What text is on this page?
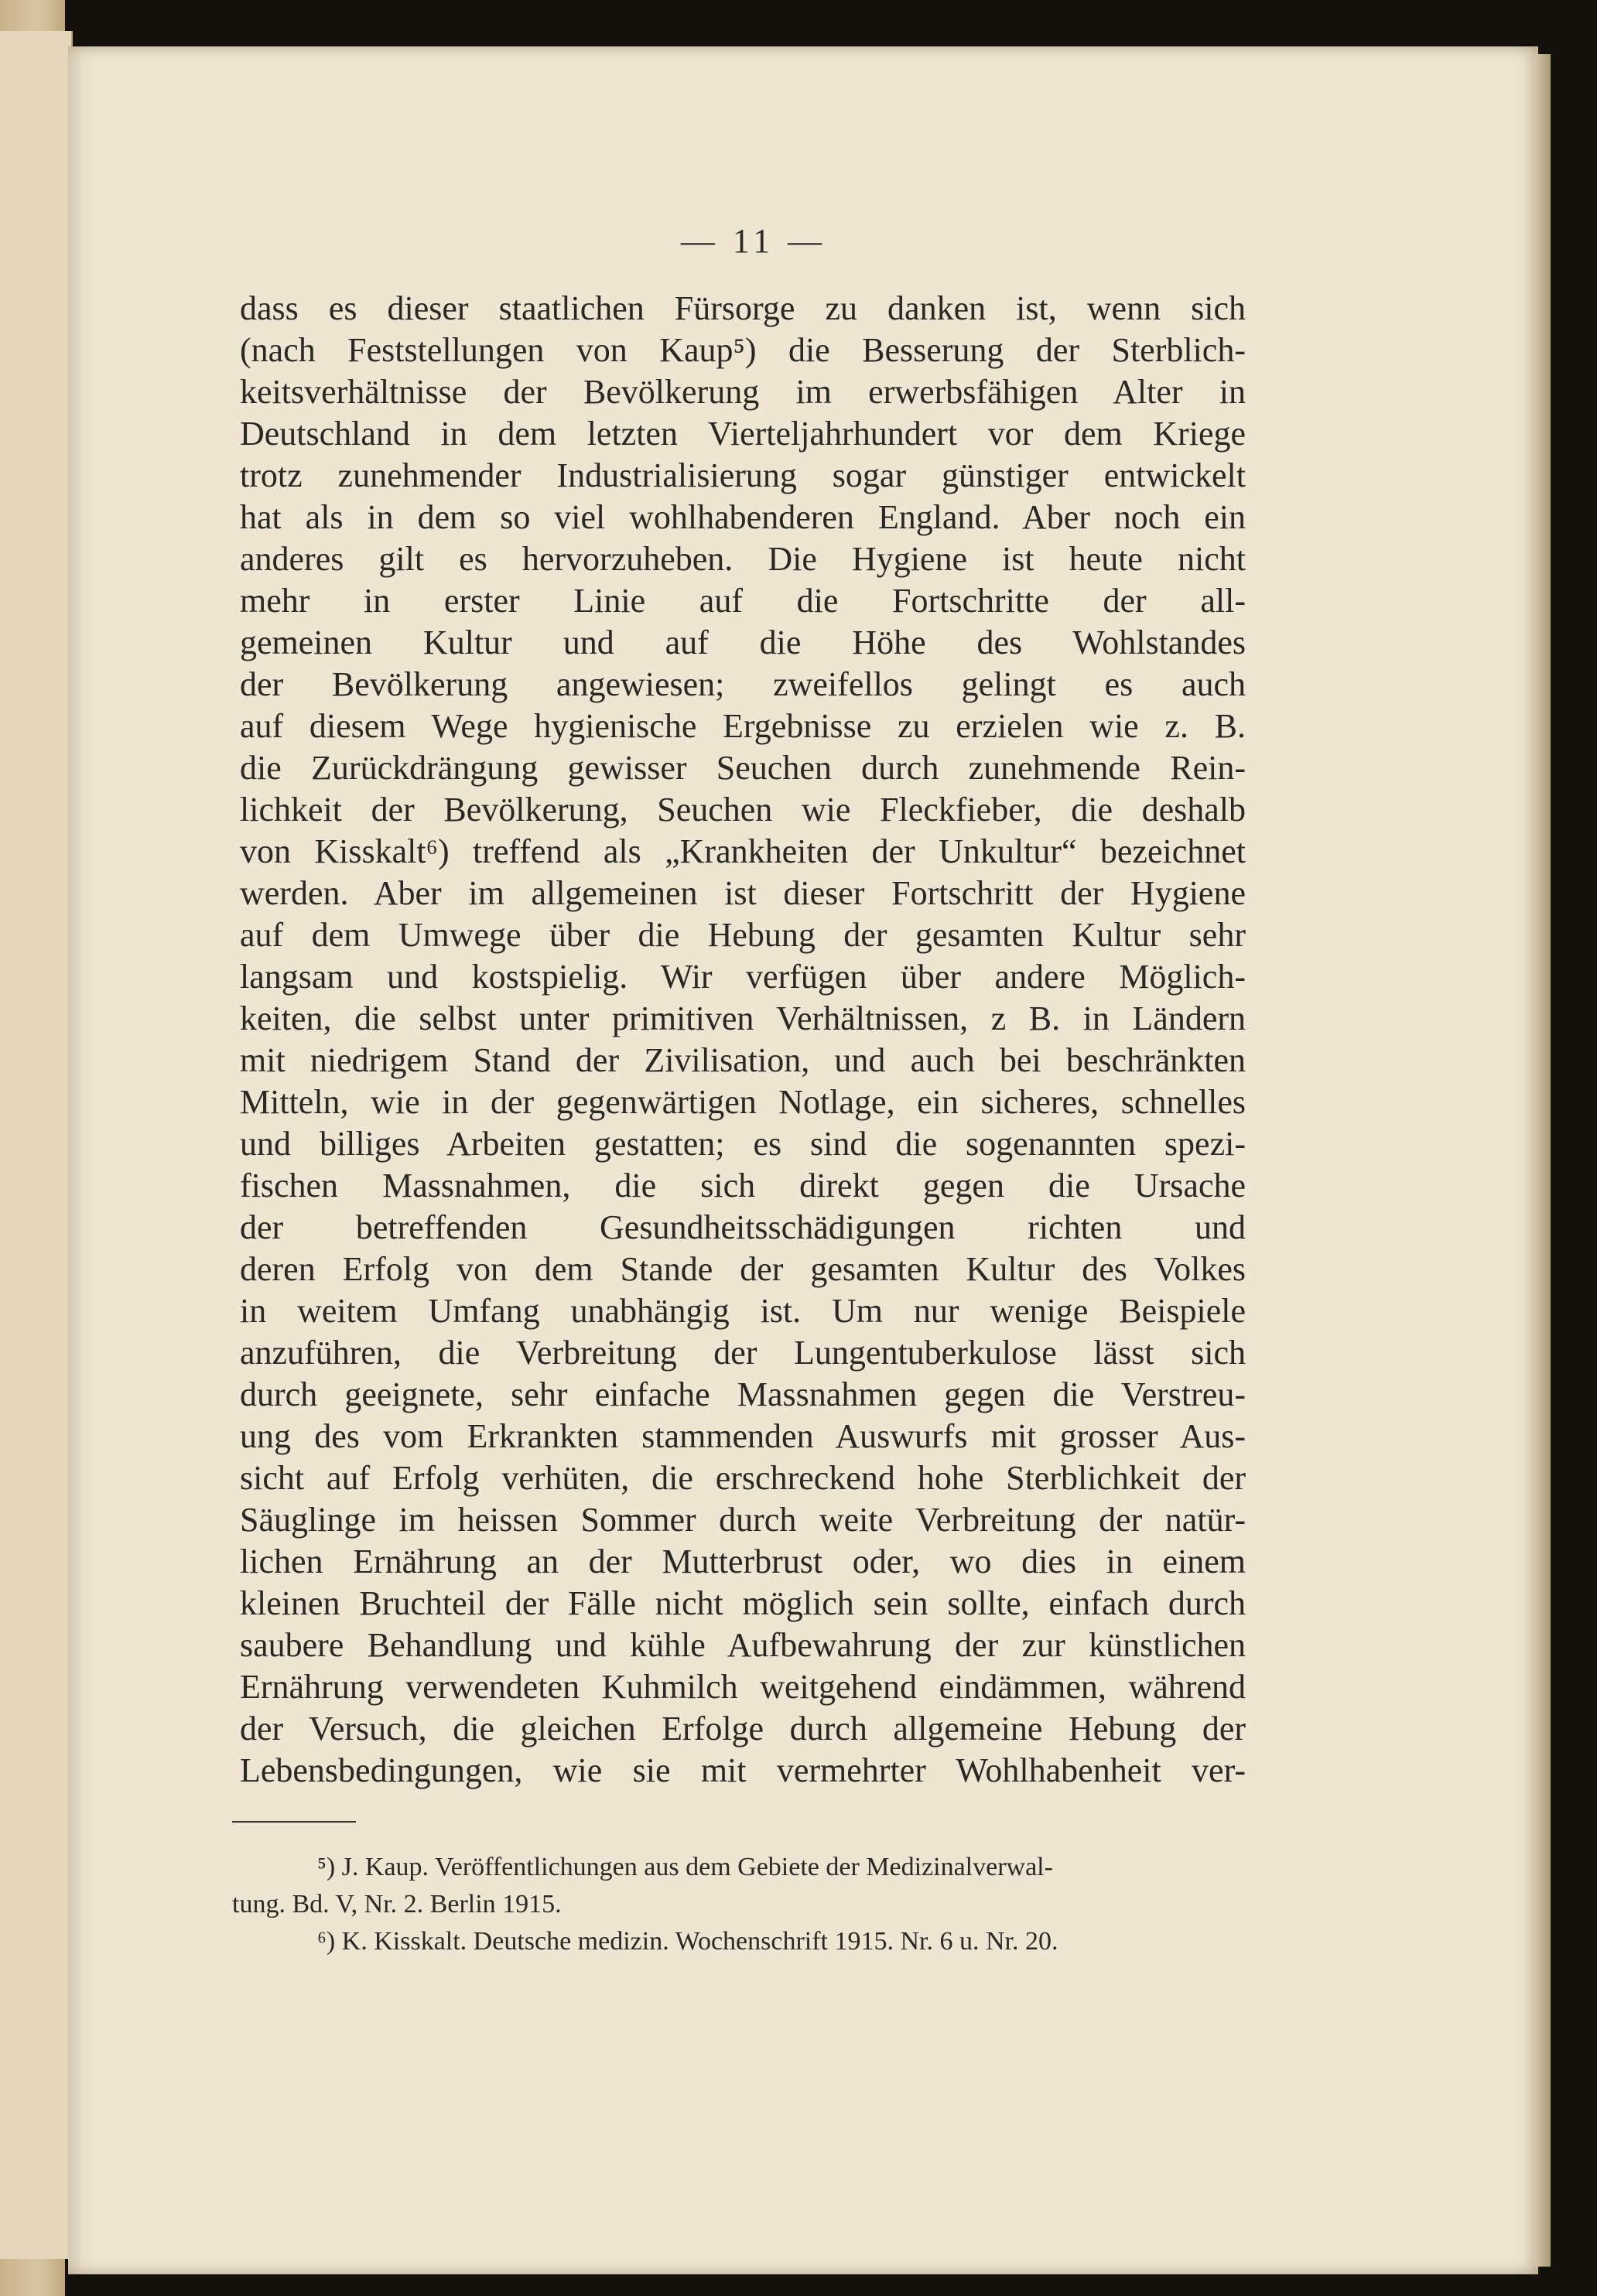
— 11 —
dass es dieser staatlichen Fürsorge zu danken ist, wenn sich
(nach Feststellungen von Kaup⁵) die Besserung der Sterblich-
keitsverhältnisse der Bevölkerung im erwerbsfähigen Alter in
Deutschland in dem letzten Vierteljahrhundert vor dem Kriege
trotz zunehmender Industrialisierung sogar günstiger entwickelt
hat als in dem so viel wohlhabenderen England. Aber noch ein
anderes gilt es hervorzuheben. Die Hygiene ist heute nicht
mehr in erster Linie auf die Fortschritte der all-
gemeinen Kultur und auf die Höhe des Wohlstandes
der Bevölkerung angewiesen; zweifellos gelingt es auch
auf diesem Wege hygienische Ergebnisse zu erzielen wie z. B.
die Zurückdrängung gewisser Seuchen durch zunehmende Rein-
lichkeit der Bevölkerung, Seuchen wie Fleckfieber, die deshalb
von Kisskalt⁶) treffend als „Krankheiten der Unkultur“ bezeichnet
werden. Aber im allgemeinen ist dieser Fortschritt der Hygiene
auf dem Umwege über die Hebung der gesamten Kultur sehr
langsam und kostspielig. Wir verfügen über andere Möglich-
keiten, die selbst unter primitiven Verhältnissen, z B. in Ländern
mit niedrigem Stand der Zivilisation, und auch bei beschränkten
Mitteln, wie in der gegenwärtigen Notlage, ein sicheres, schnelles
und billiges Arbeiten gestatten; es sind die sogenannten spezi-
fischen Massnahmen, die sich direkt gegen die Ursache
der betreffenden Gesundheitsschädigungen richten und
deren Erfolg von dem Stande der gesamten Kultur des Volkes
in weitem Umfang unabhängig ist. Um nur wenige Beispiele
anzuführen, die Verbreitung der Lungentuberkulose lässt sich
durch geeignete, sehr einfache Massnahmen gegen die Verstreu-
ung des vom Erkrankten stammenden Auswurfs mit grosser Aus-
sicht auf Erfolg verhüten, die erschreckend hohe Sterblichkeit der
Säuglinge im heissen Sommer durch weite Verbreitung der natür-
lichen Ernährung an der Mutterbrust oder, wo dies in einem
kleinen Bruchteil der Fälle nicht möglich sein sollte, einfach durch
saubere Behandlung und kühle Aufbewahrung der zur künstlichen
Ernährung verwendeten Kuhmilch weitgehend eindämmen, während
der Versuch, die gleichen Erfolge durch allgemeine Hebung der
Lebensbedingungen, wie sie mit vermehrter Wohlhabenheit ver-
⁵) J. Kaup. Veröffentlichungen aus dem Gebiete der Medizinalverwal-
tung. Bd. V, Nr. 2. Berlin 1915.
⁶) K. Kisskalt. Deutsche medizin. Wochenschrift 1915. Nr. 6 u. Nr. 20.
